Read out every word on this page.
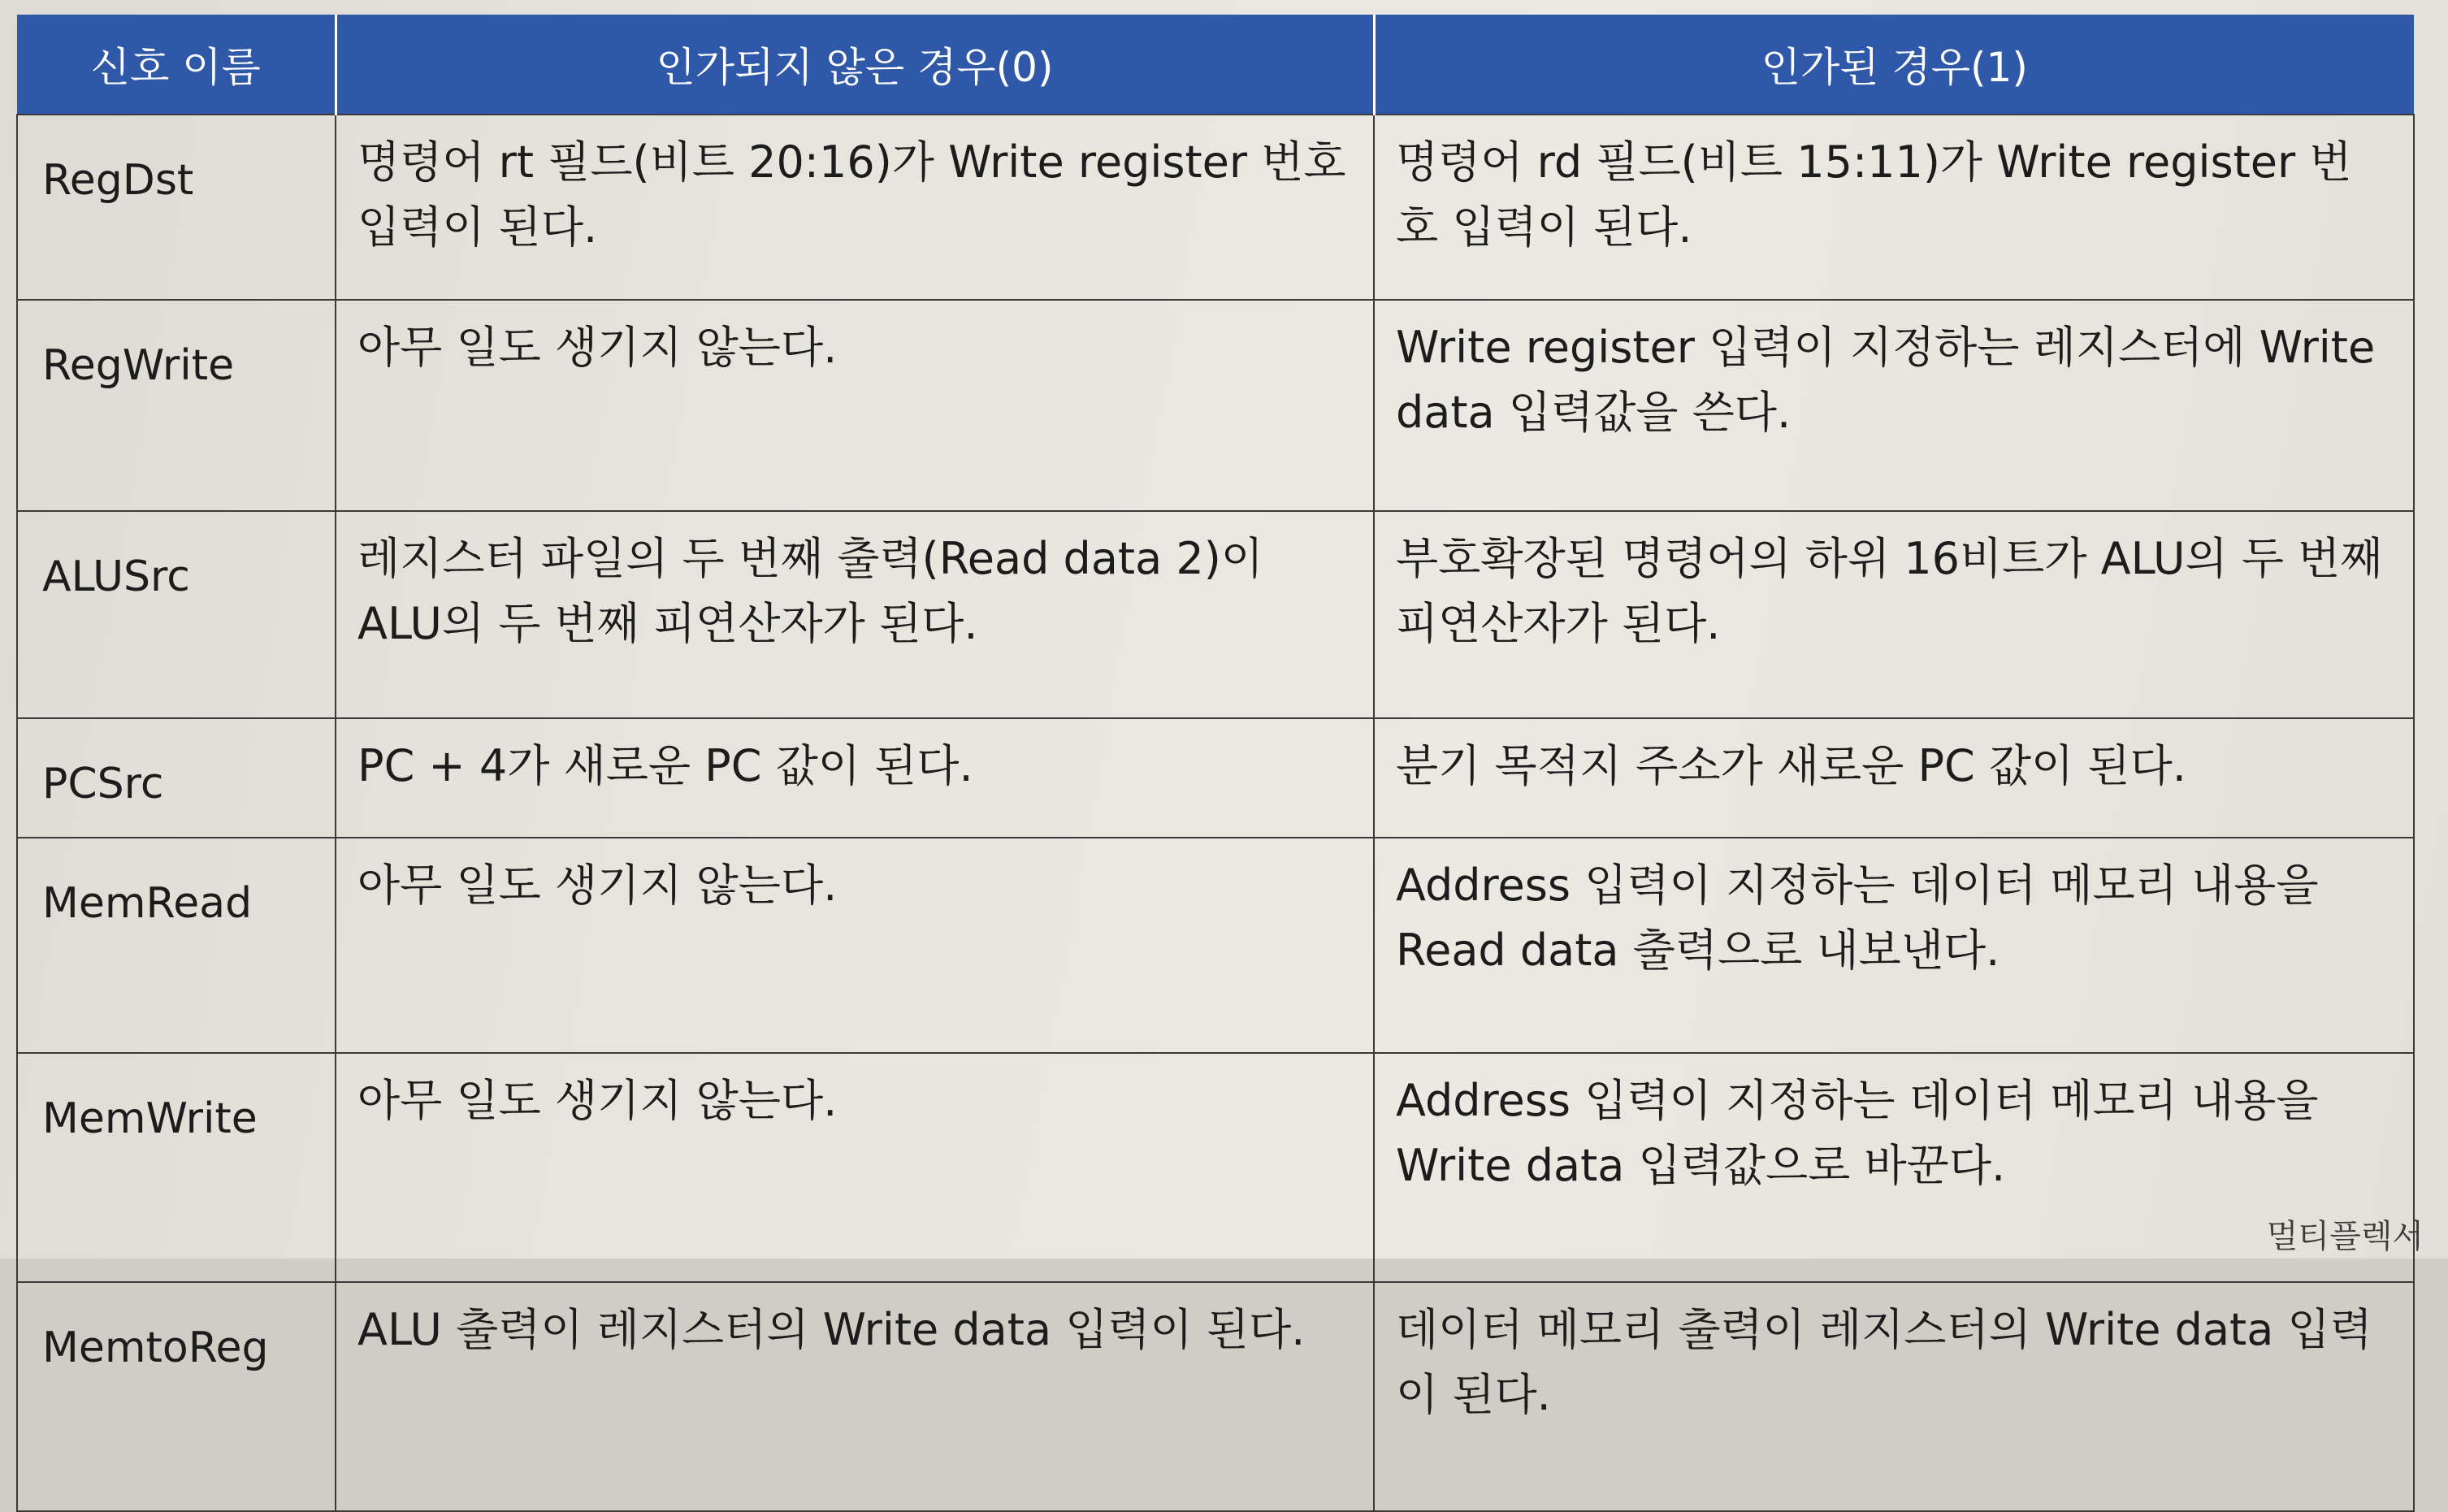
신호 이름	인가되지 않은 경우(0)	인가된 경우(1)
RegDst	명령어 rt 필드(비트 20:16)가 Write register 번호 입력이 된다.	명령어 rd 필드(비트 15:11)가 Write register 번호 입력이 된다.
RegWrite	아무 일도 생기지 않는다.	Write register 입력이 지정하는 레지스터에 Write data 입력값을 쓴다.
ALUSrc	레지스터 파일의 두 번째 출력(Read data 2)이 ALU의 두 번째 피연산자가 된다.	부호확장된 명령어의 하위 16비트가 ALU의 두 번째 피연산자가 된다.
PCSrc	PC + 4가 새로운 PC 값이 된다.	분기 목적지 주소가 새로운 PC 값이 된다.
MemRead	아무 일도 생기지 않는다.	Address 입력이 지정하는 데이터 메모리 내용을 Read data 출력으로 내보낸다.
MemWrite	아무 일도 생기지 않는다.	Address 입력이 지정하는 데이터 메모리 내용을 Write data 입력값으로 바꾼다.
MemtoReg	ALU 출력이 레지스터의 Write data 입력이 된다.	데이터 메모리 출력이 레지스터의 Write data 입력이 된다.
멀티플렉서
